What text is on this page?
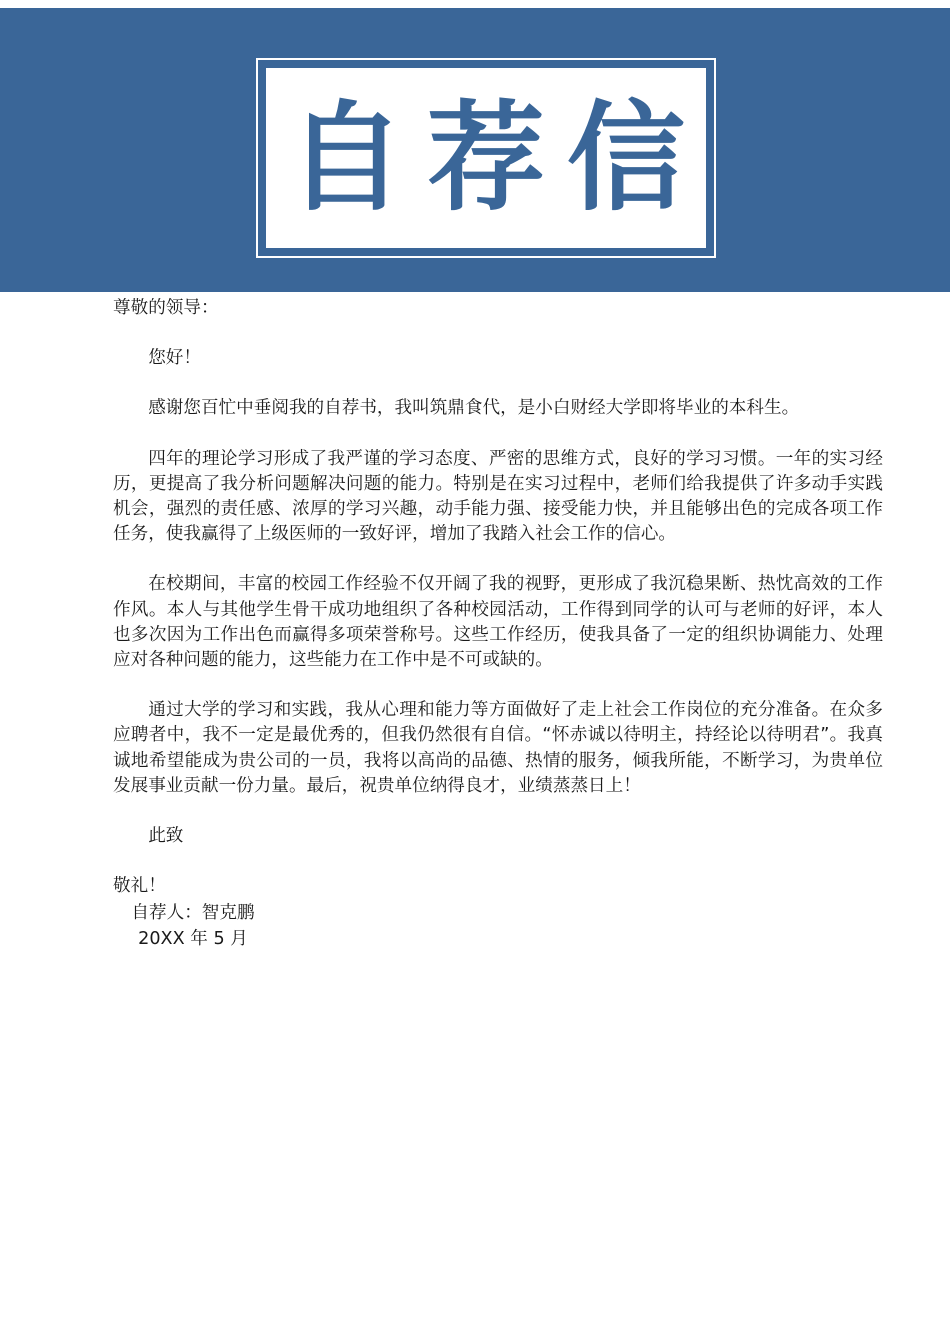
自荐信

尊敬的领导：

您好！

感谢您百忙中垂阅我的自荐书，我叫筑鼎食代，是小白财经大学即将毕业的本科生。

四年的理论学习形成了我严谨的学习态度、严密的思维方式，良好的学习习惯。一年的实习经历，更提高了我分析问题解决问题的能力。特别是在实习过程中，老师们给我提供了许多动手实践机会，强烈的责任感、浓厚的学习兴趣，动手能力强、接受能力快，并且能够出色的完成各项工作任务，使我赢得了上级医师的一致好评，增加了我踏入社会工作的信心。

在校期间，丰富的校园工作经验不仅开阔了我的视野，更形成了我沉稳果断、热忱高效的工作作风。本人与其他学生骨干成功地组织了各种校园活动，工作得到同学的认可与老师的好评，本人也多次因为工作出色而赢得多项荣誉称号。这些工作经历，使我具备了一定的组织协调能力、处理应对各种问题的能力，这些能力在工作中是不可或缺的。

通过大学的学习和实践，我从心理和能力等方面做好了走上社会工作岗位的充分准备。在众多应聘者中，我不一定是最优秀的，但我仍然很有自信。“怀赤诚以待明主，持经论以待明君”。我真诚地希望能成为贵公司的一员，我将以高尚的品德、热情的服务，倾我所能，不断学习，为贵单位发展事业贡献一份力量。最后，祝贵单位纳得良才，业绩蒸蒸日上！

此致

敬礼！

自荐人：智克鹏

20XX 年 5 月
